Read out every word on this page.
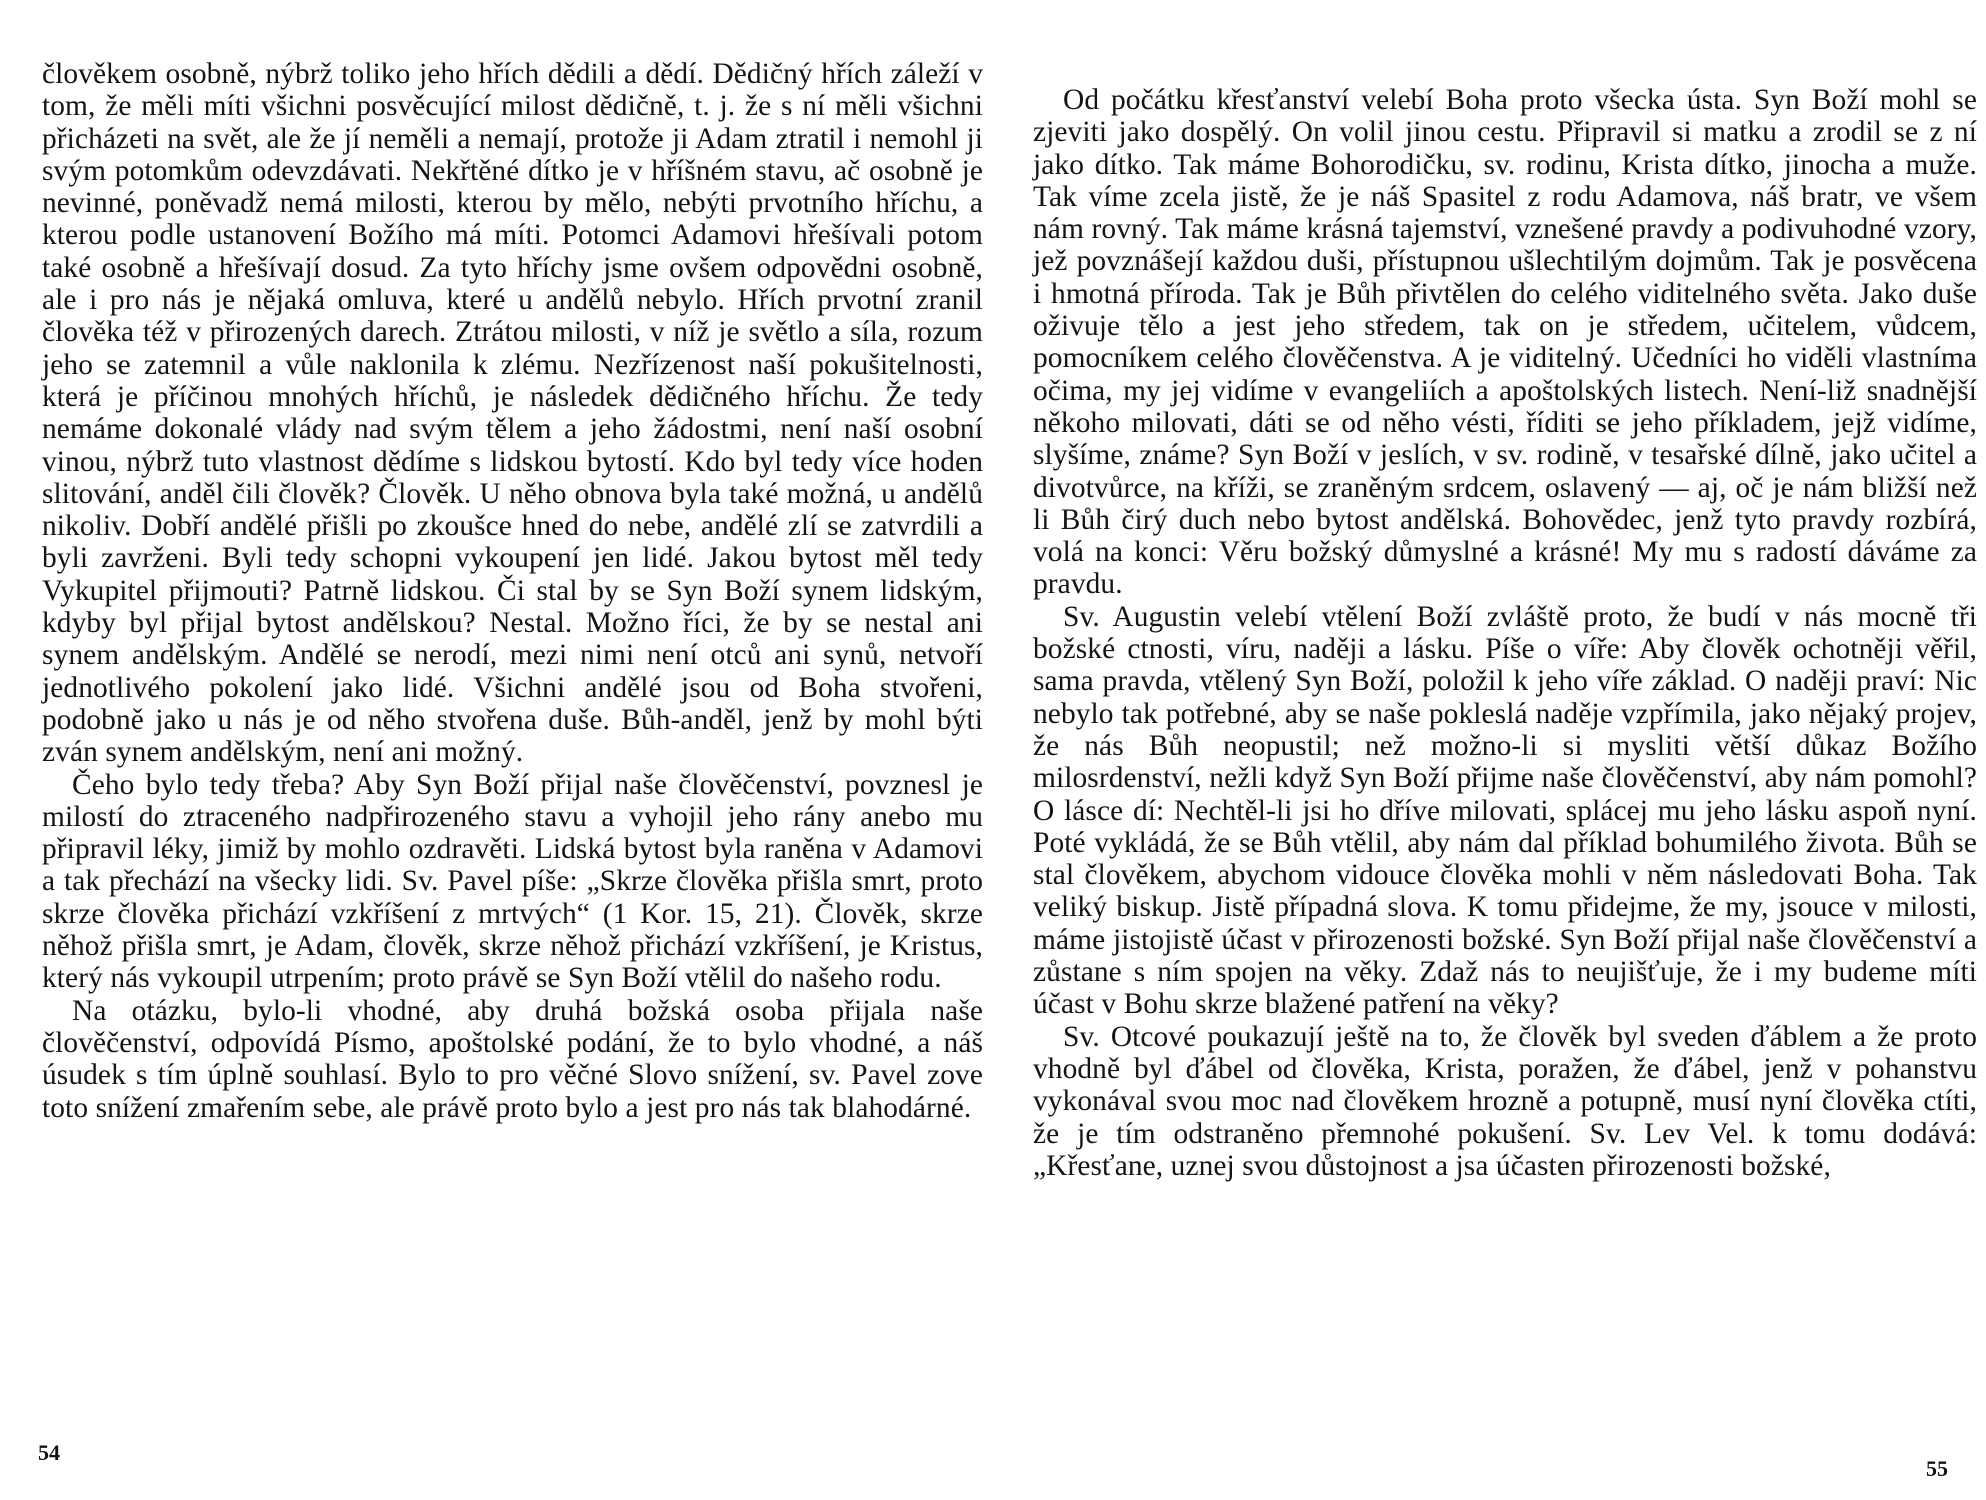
člověkem osobně, nýbrž toliko jeho hřích dědili a dědí. Dědičný hřích záleží v tom, že měli míti všichni posvěcující milost dědičně, t. j. že s ní měli všichni přicházeti na svět, ale že jí neměli a nemají, protože ji Adam ztratil i nemohl ji svým potomkům odevzdávati. Nekřtěné dítko je v hříšném stavu, ač osobně je nevinné, poněvadž nemá milosti, kterou by mělo, nebýti prvotního hříchu, a kterou podle ustanovení Božího má míti. Potomci Adamovi hřešívali potom také osobně a hřešívají dosud. Za tyto hříchy jsme ovšem odpovědni osobně, ale i pro nás je nějaká omluva, které u andělů nebylo. Hřích prvotní zranil člověka též v přirozených darech. Ztrátou milosti, v níž je světlo a síla, rozum jeho se zatemnil a vůle naklonila k zlému. Nezřízenost naší pokušitelnosti, která je příčinou mnohých hříchů, je následek dědičného hříchu. Že tedy nemáme dokonalé vlády nad svým tělem a jeho žádostmi, není naší osobní vinou, nýbrž tuto vlastnost dědíme s lidskou bytostí. Kdo byl tedy více hoden slitování, anděl čili člověk? Člověk. U něho obnova byla také možná, u andělů nikoliv. Dobří andělé přišli po zkoušce hned do nebe, andělé zlí se zatvrdili a byli zavrženi. Byli tedy schopni vykoupení jen lidé. Jakou bytost měl tedy Vykupitel přijmouti? Patrně lidskou. Či stal by se Syn Boží synem lidským, kdyby byl přijal bytost andělskou? Nestal. Možno říci, že by se nestal ani synem andělským. Andělé se nerodí, mezi nimi není otců ani synů, netvoří jednotlivého pokolení jako lidé. Všichni andělé jsou od Boha stvořeni, podobně jako u nás je od něho stvořena duše. Bůh-anděl, jenž by mohl býti zván synem andělským, není ani možný.

Čeho bylo tedy třeba? Aby Syn Boží přijal naše člověčenství, povznesl je milostí do ztraceného nadpřirozeného stavu a vyhojil jeho rány anebo mu připravil léky, jimiž by mohlo ozdravěti. Lidská bytost byla raněna v Adamovi a tak přechází na všecky lidi. Sv. Pavel píše: „Skrze člověka přišla smrt, proto skrze člověka přichází vzkříšení z mrtvých“ (1 Kor. 15, 21). Člověk, skrze něhož přišla smrt, je Adam, člověk, skrze něhož přichází vzkříšení, je Kristus, který nás vykoupil utrpením; proto právě se Syn Boží vtělil do našeho rodu.

Na otázku, bylo-li vhodné, aby druhá božská osoba přijala naše člověčenství, odpovídá Písmo, apoštolské podání, že to bylo vhodné, a náš úsudek s tím úplně souhlasí. Bylo to pro věčné Slovo snížení, sv. Pavel zove toto snížení zmařením sebe, ale právě proto bylo a jest pro nás tak blahodárné.

54

Od počátku křesťanství velebí Boha proto všecka ústa. Syn Boží mohl se zjeviti jako dospělý. On volil jinou cestu. Připravil si matku a zrodil se z ní jako dítko. Tak máme Bohorodičku, sv. rodinu, Krista dítko, jinocha a muže. Tak víme zcela jistě, že je náš Spasitel z rodu Adamova, náš bratr, ve všem nám rovný. Tak máme krásná tajemství, vznešené pravdy a podivuhodné vzory, jež povznášejí každou duši, přístupnou ušlechtilým dojmům. Tak je posvěcena i hmotná příroda. Tak je Bůh přivtělen do celého viditelného světa. Jako duše oživuje tělo a jest jeho středem, tak on je středem, učitelem, vůdcem, pomocníkem celého člověčenstva. A je viditelný. Učedníci ho viděli vlastníma očima, my jej vidíme v evangeliích a apoštolských listech. Není-liž snadnější někoho milovati, dáti se od něho vésti, říditi se jeho příkladem, jejž vidíme, slyšíme, známe? Syn Boží v jeslích, v sv. rodině, v tesařské dílně, jako učitel a divotvůrce, na kříži, se zraněným srdcem, oslavený — aj, oč je nám bližší než li Bůh čirý duch nebo bytost andělská. Bohovědec, jenž tyto pravdy rozbírá, volá na konci: Věru božský důmyslné a krásné! My mu s radostí dáváme za pravdu.

Sv. Augustin velebí vtělení Boží zvláště proto, že budí v nás mocně tři božské ctnosti, víru, naději a lásku. Píše o víře: Aby člověk ochotněji věřil, sama pravda, vtělený Syn Boží, položil k jeho víře základ. O naději praví: Nic nebylo tak potřebné, aby se naše pokleslá naděje vzpřímila, jako nějaký projev, že nás Bůh neopustil; než možno-li si mysliti větší důkaz Božího milosrdenství, nežli když Syn Boží přijme naše člověčenství, aby nám pomohl? O lásce dí: Nechtěl-li jsi ho dříve milovati, splácej mu jeho lásku aspoň nyní. Poté vykládá, že se Bůh vtělil, aby nám dal příklad bohumilého života. Bůh se stal člověkem, abychom vidouce člověka mohli v něm následovati Boha. Tak veliký biskup. Jistě případná slova. K tomu přidejme, že my, jsouce v milosti, máme jistojistě účast v přirozenosti božské. Syn Boží přijal naše člověčenství a zůstane s ním spojen na věky. Zdaž nás to neujišťuje, že i my budeme míti účast v Bohu skrze blažené patření na věky?

Sv. Otcové poukazují ještě na to, že člověk byl sveden ďáblem a že proto vhodně byl ďábel od člověka, Krista, poražen, že ďábel, jenž v pohanstvu vykonával svou moc nad člověkem hrozně a potupně, musí nyní člověka ctíti, že je tím odstraněno přemnohé pokušení. Sv. Lev Vel. k tomu dodává: „Křesťane, uznej svou důstojnost a jsa účasten přirozenosti božské,

55
